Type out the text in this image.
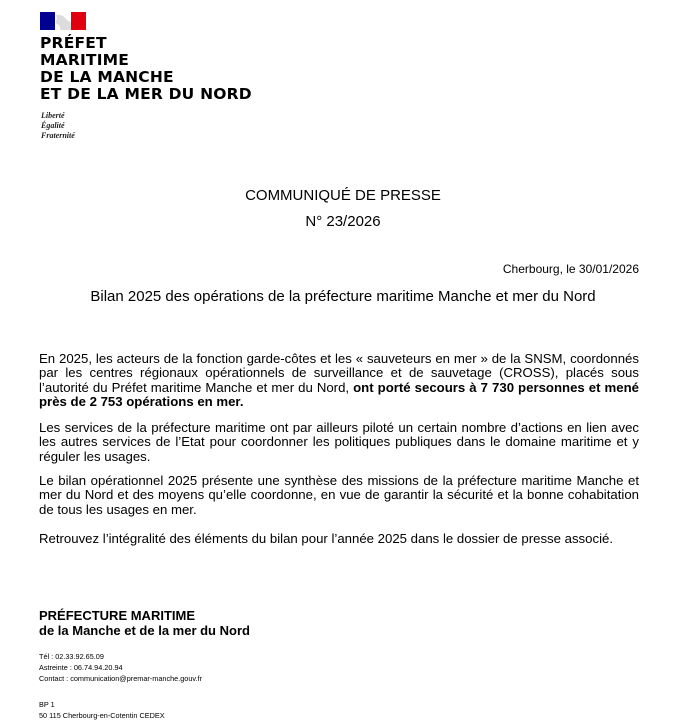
PRÉFET
MARITIME
DE LA MANCHE
ET DE LA MER DU NORD
Liberté
Égalité
Fraternité
COMMUNIQUÉ DE PRESSE
N° 23/2026
Cherbourg, le 30/01/2026
Bilan 2025 des opérations de la préfecture maritime Manche et mer du Nord
En 2025, les acteurs de la fonction garde-côtes et les « sauveteurs en mer » de la SNSM, coordonnés par les centres régionaux opérationnels de surveillance et de sauvetage (CROSS), placés sous l’autorité du Préfet maritime Manche et mer du Nord, ont porté secours à 7 730 personnes et mené près de 2 753 opérations en mer.
Les services de la préfecture maritime ont par ailleurs piloté un certain nombre d’actions en lien avec les autres services de l’Etat pour coordonner les politiques publiques dans le domaine maritime et y réguler les usages.
Le bilan opérationnel 2025 présente une synthèse des missions de la préfecture maritime Manche et mer du Nord et des moyens qu’elle coordonne, en vue de garantir la sécurité et la bonne cohabitation de tous les usages en mer.
Retrouvez l’intégralité des éléments du bilan pour l’année 2025 dans le dossier de presse associé.
PRÉFECTURE MARITIME
de la Manche et de la mer du Nord
Tél : 02.33.92.65.09
Astreinte : 06.74.94.20.94
Contact : communication@premar-manche.gouv.fr
BP 1
50 115 Cherbourg-en-Cotentin CEDEX
